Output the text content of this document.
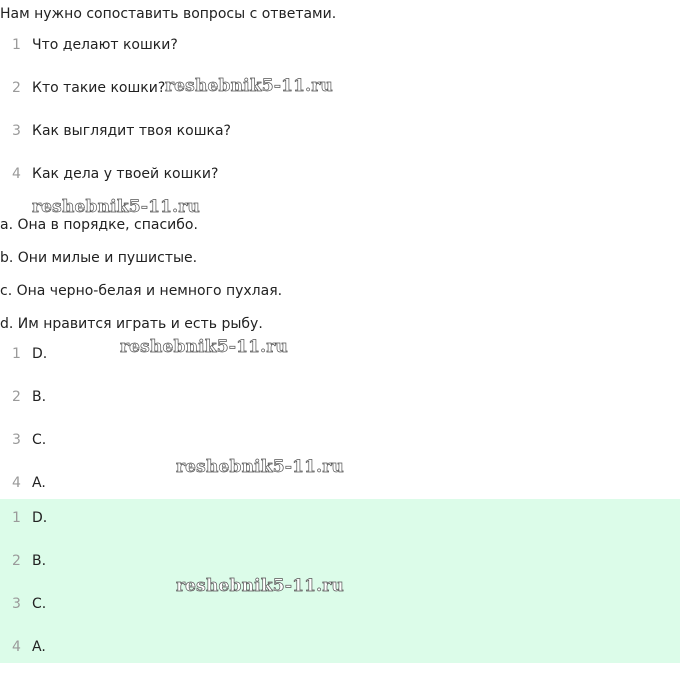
Нам нужно сопоставить вопросы с ответами.
1 Что делают кошки?
2 Кто такие кошки?
3 Как выглядит твоя кошка?
4 Как дела у твоей кошки?
a. Она в порядке, спасибо.
b. Они милые и пушистые.
c. Она черно-белая и немного пухлая.
d. Им нравится играть и есть рыбу.
1 D.
2 B.
3 C.
4 A.
1 D.
2 B.
3 C.
4 A.
reshebnik5-11.ru
reshebnik5-11.ru
reshebnik5-11.ru
reshebnik5-11.ru
reshebnik5-11.ru
